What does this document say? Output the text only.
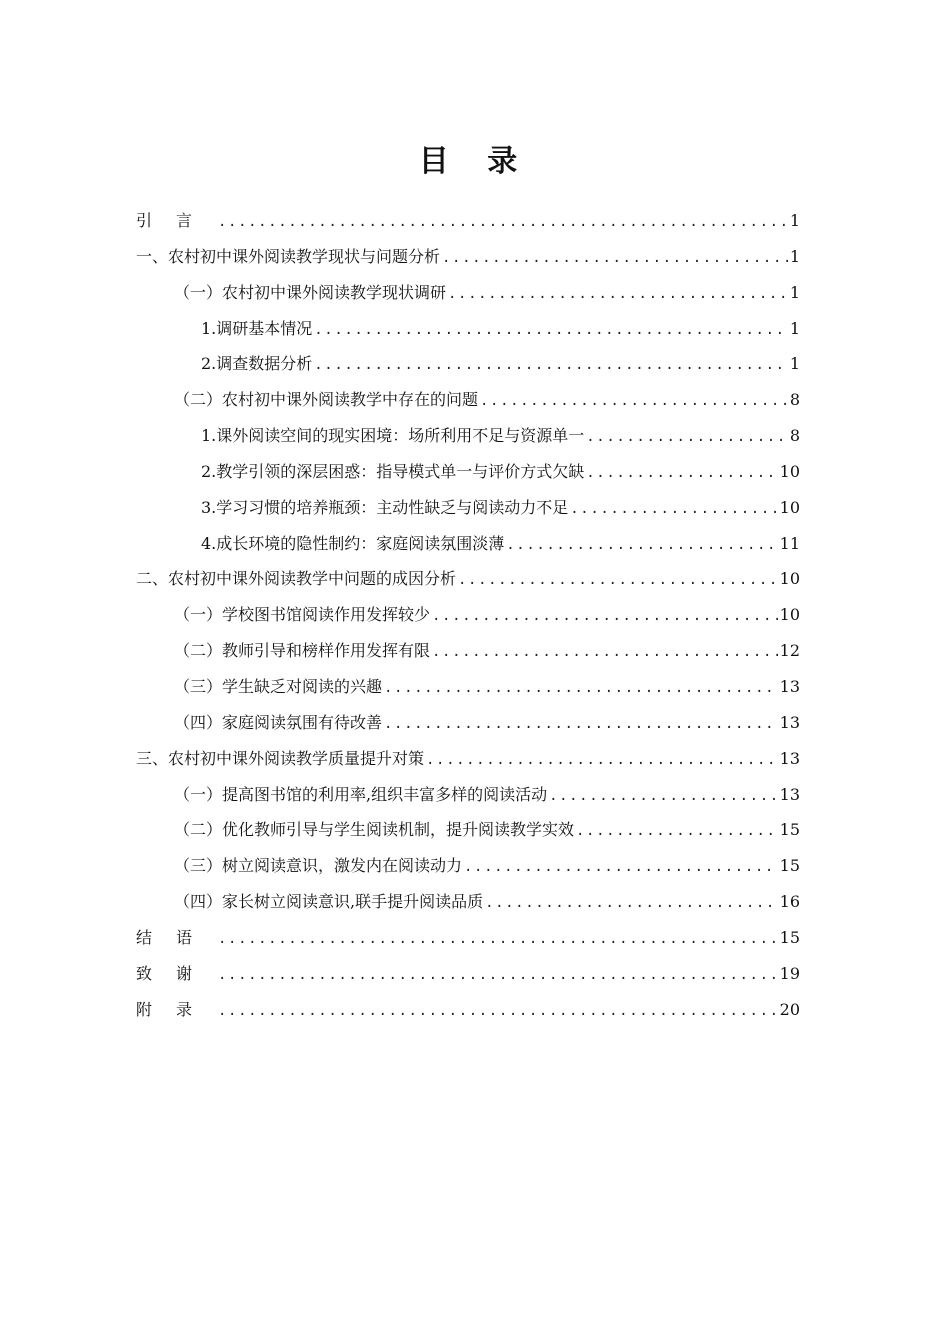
目 录
引言 .....	1
一、农村初中课外阅读教学现状与问题分析 .....	1
（一）农村初中课外阅读教学现状调研 .....	1
1.调研基本情况 .....	1
2.调查数据分析 .....	1
（二）农村初中课外阅读教学中存在的问题 .....	8
1.课外阅读空间的现实困境：场所利用不足与资源单一 .....	8
2.教学引领的深层困惑：指导模式单一与评价方式欠缺 .....	10
3.学习习惯的培养瓶颈：主动性缺乏与阅读动力不足 .....	10
4.成长环境的隐性制约：家庭阅读氛围淡薄 .....	11
二、农村初中课外阅读教学中问题的成因分析 .....	10
（一）学校图书馆阅读作用发挥较少 .....	10
（二）教师引导和榜样作用发挥有限 .....	12
（三）学生缺乏对阅读的兴趣 .....	13
（四）家庭阅读氛围有待改善 .....	13
三、农村初中课外阅读教学质量提升对策 .....	13
（一）提高图书馆的利用率,组织丰富多样的阅读活动 .....	13
（二）优化教师引导与学生阅读机制，提升阅读教学实效 .....	15
（三）树立阅读意识，激发内在阅读动力 .....	15
（四）家长树立阅读意识,联手提升阅读品质 .....	16
结语 .....	15
致谢 .....	19
附录 .....	20
